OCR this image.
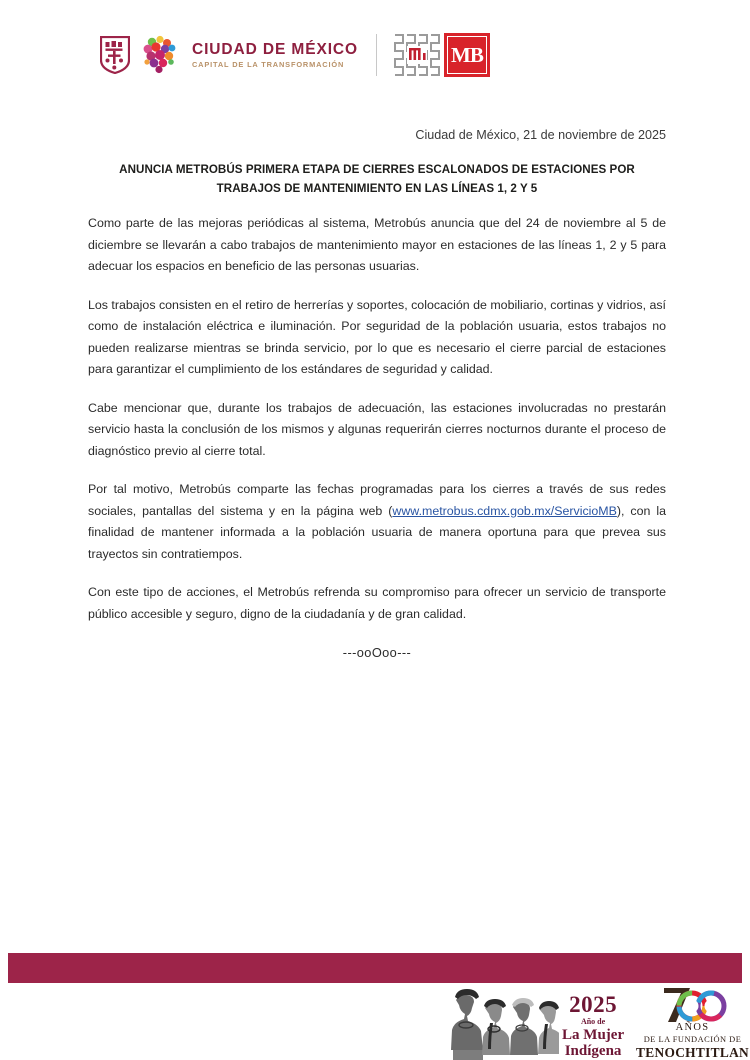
CIUDAD DE MÉXICO
CAPITAL DE LA TRANSFORMACIÓN	MB
Ciudad de México, 21 de noviembre de 2025
ANUNCIA METROBÚS PRIMERA ETAPA DE CIERRES ESCALONADOS DE ESTACIONES POR
TRABAJOS DE MANTENIMIENTO EN LAS LÍNEAS 1, 2 Y 5

Como parte de las mejoras periódicas al sistema, Metrobús anuncia que del 24 de noviembre al 5 de diciembre se llevarán a cabo trabajos de mantenimiento mayor en estaciones de las líneas 1, 2 y 5 para adecuar los espacios en beneficio de las personas usuarias.

Los trabajos consisten en el retiro de herrerías y soportes, colocación de mobiliario, cortinas y vidrios, así como de instalación eléctrica e iluminación. Por seguridad de la población usuaria, estos trabajos no pueden realizarse mientras se brinda servicio, por lo que es necesario el cierre parcial de estaciones para garantizar el cumplimiento de los estándares de seguridad y calidad.

Cabe mencionar que, durante los trabajos de adecuación, las estaciones involucradas no prestarán servicio hasta la conclusión de los mismos y algunas requerirán cierres nocturnos durante el proceso de diagnóstico previo al cierre total.

Por tal motivo, Metrobús comparte las fechas programadas para los cierres a través de sus redes sociales, pantallas del sistema y en la página web (www.metrobus.cdmx.gob.mx/ServicioMB), con la finalidad de mantener informada a la población usuaria de manera oportuna para que prevea sus trayectos sin contratiempos.

Con este tipo de acciones, el Metrobús refrenda su compromiso para ofrecer un servicio de transporte público accesible y seguro, digno de la ciudadanía y de gran calidad.

---ooOoo---
2025
Año de
La Mujer
Indígena
AÑOS
DE LA FUNDACIÓN DE
TENOCHTITLAN
